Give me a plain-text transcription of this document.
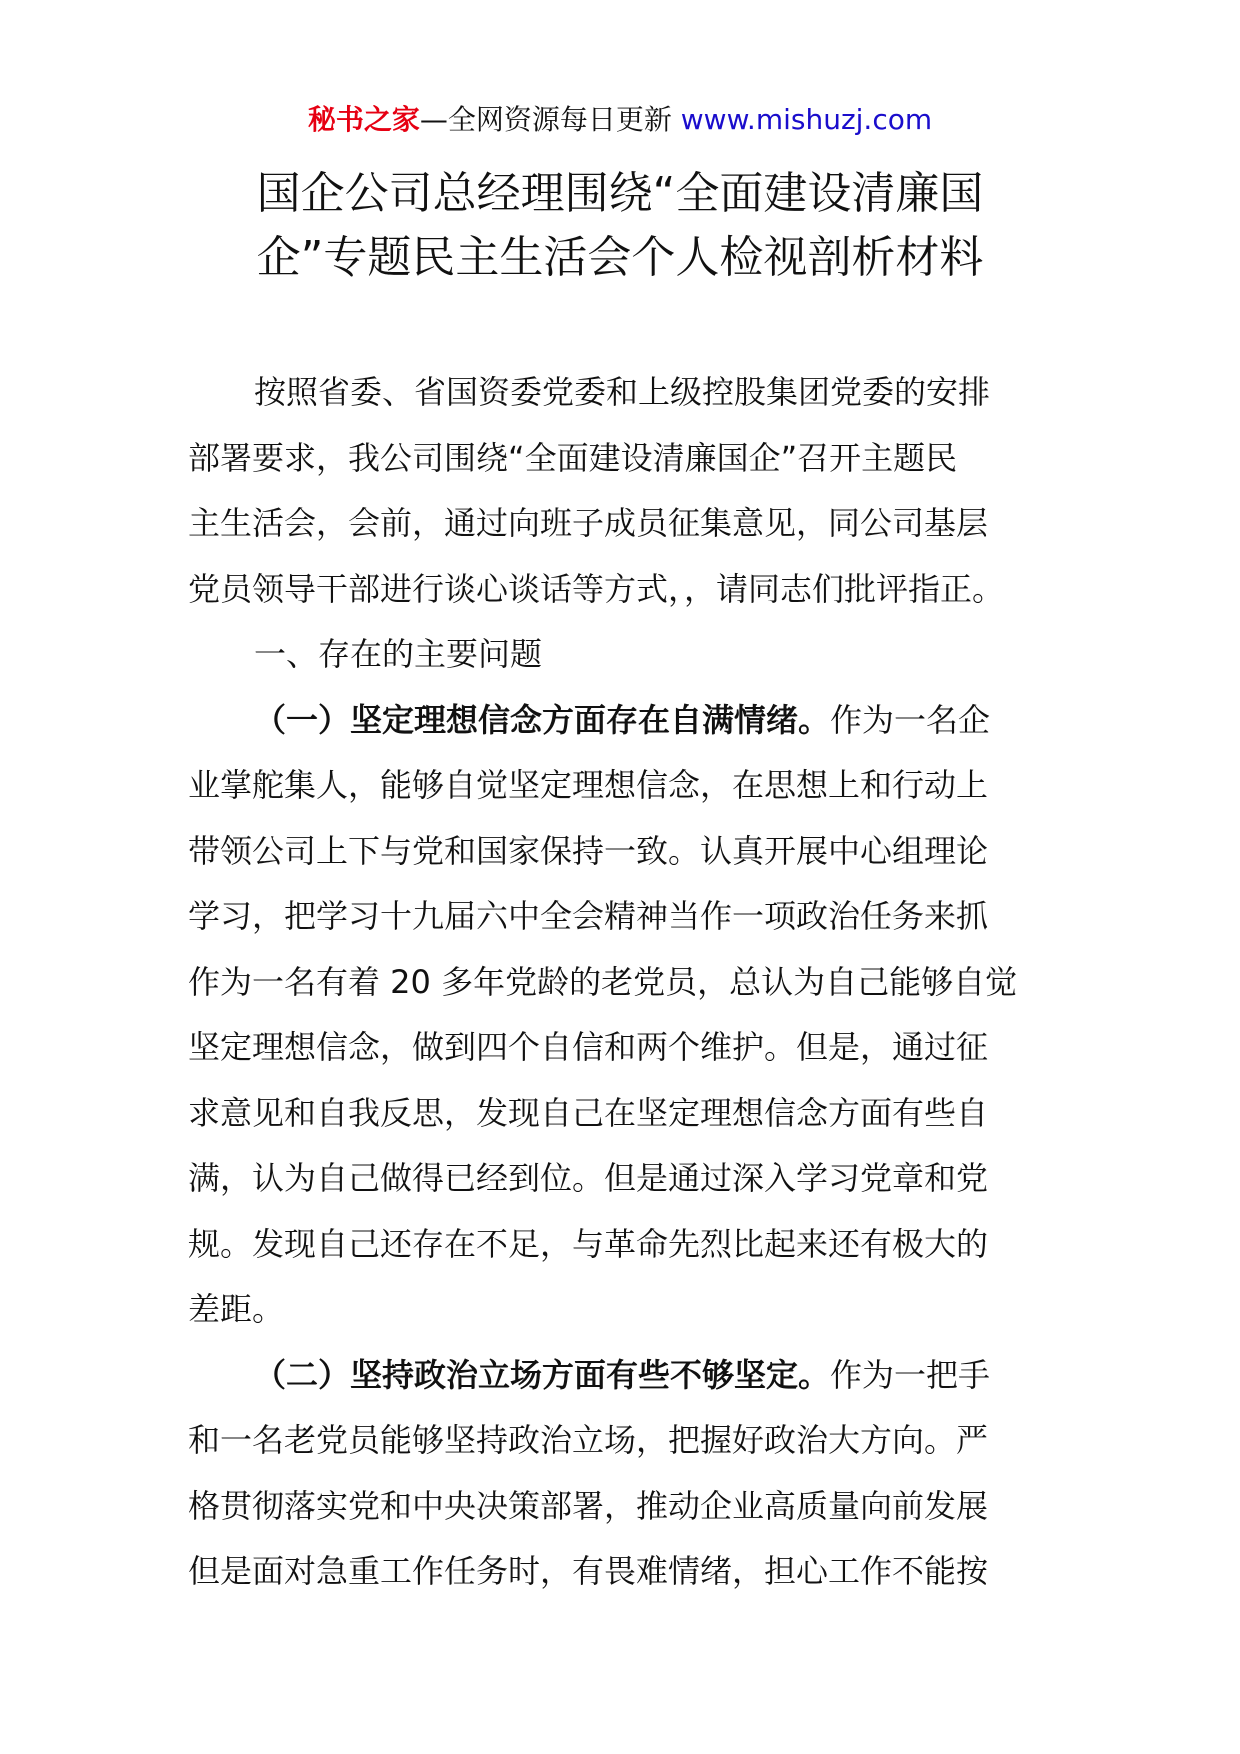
秘书之家—全网资源每日更新 www.mishuzj.com
国企公司总经理围绕“全面建设清廉国
企”专题民主生活会个人检视剖析材料
按照省委、省国资委党委和上级控股集团党委的安排
部署要求，我公司围绕“全面建设清廉国企”召开主题民
主生活会，会前，通过向班子成员征集意见，同公司基层
党员领导干部进行谈心谈话等方式，，请同志们批评指正。
一、存在的主要问题
（一）坚定理想信念方面存在自满情绪。作为一名企
业掌舵集人，能够自觉坚定理想信念，在思想上和行动上
带领公司上下与党和国家保持一致。认真开展中心组理论
学习，把学习十九届六中全会精神当作一项政治任务来抓
作为一名有着 20 多年党龄的老党员，总认为自己能够自觉
坚定理想信念，做到四个自信和两个维护。但是，通过征
求意见和自我反思，发现自己在坚定理想信念方面有些自
满，认为自己做得已经到位。但是通过深入学习党章和党
规。发现自己还存在不足，与革命先烈比起来还有极大的
差距。
（二）坚持政治立场方面有些不够坚定。作为一把手
和一名老党员能够坚持政治立场，把握好政治大方向。严
格贯彻落实党和中央决策部署，推动企业高质量向前发展
但是面对急重工作任务时，有畏难情绪，担心工作不能按
